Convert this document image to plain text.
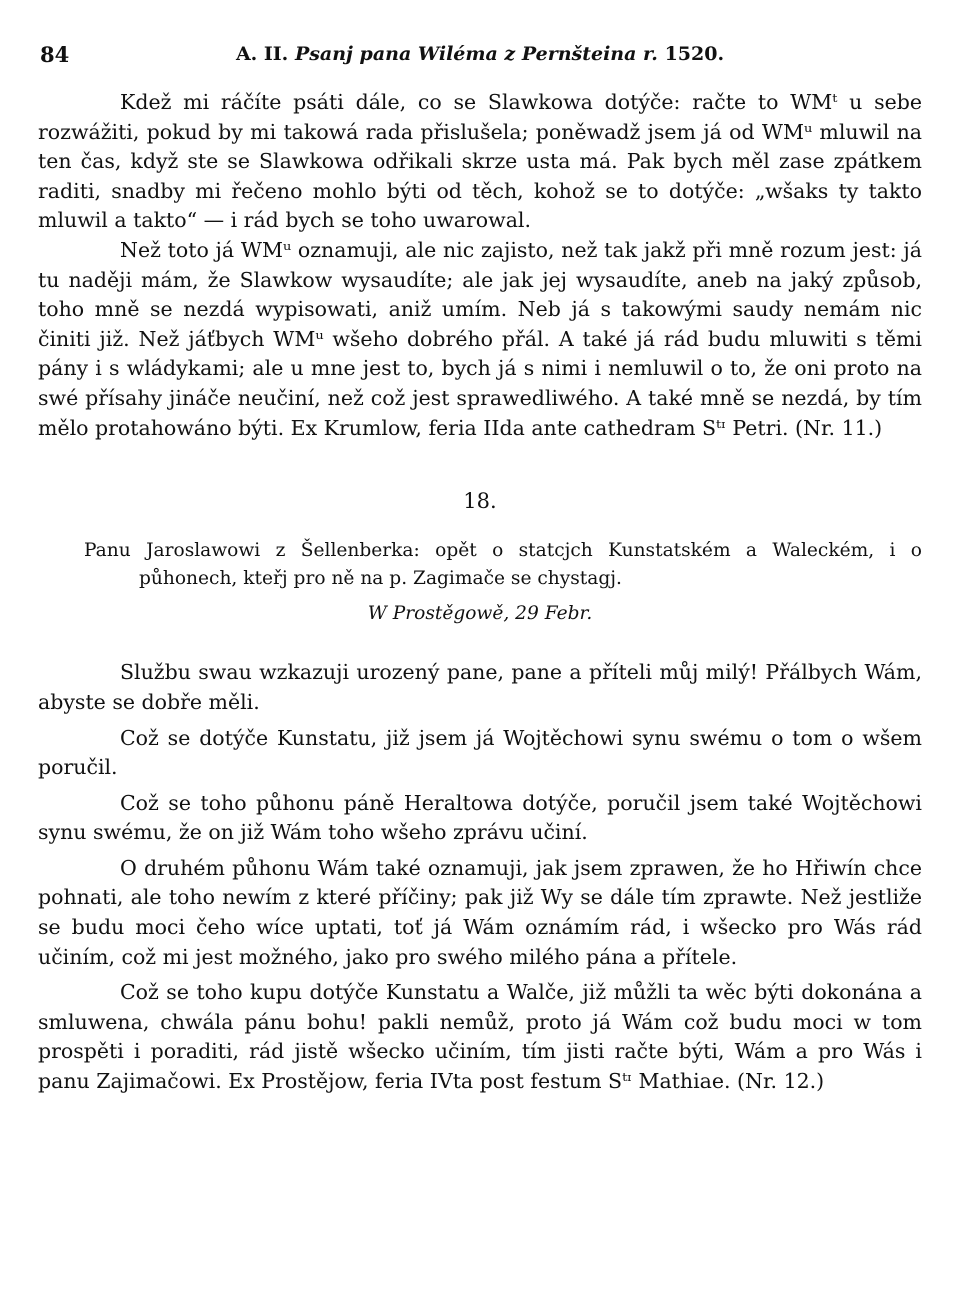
84	A. II. Psanj pana Wiléma z Pernšteina r. 1520.

Kdež mi ráčíte psáti dále, co se Slawkowa dotýče: račte to WMᵗ u sebe rozwážiti, pokud by mi takowá rada přislušela; poněwadž jsem já od WMᵘ mluwil na ten čas, když ste se Slawkowa odřikali skrze usta má. Pak bych měl zase zpátkem raditi, snadby mi řečeno mohlo býti od těch, kohož se to dotýče: „wšaks ty takto mluwil a takto“ — i rád bych se toho uwarowal.

Než toto já WMᵘ oznamuji, ale nic zajisto, než tak jakž při mně rozum jest: já tu naději mám, že Slawkow wysaudíte; ale jak jej wysaudíte, aneb na jaký způsob, toho mně se nezdá wypisowati, aniž umím. Neb já s takowými saudy nemám nic činiti již. Než jáťbych WMᵘ wšeho dobrého přál. A také já rád budu mluwiti s těmi pány i s wládykami; ale u mne jest to, bych já s nimi i nemluwil o to, že oni proto na swé přísahy jináče neučiní, než což jest sprawedliwého. A také mně se nezdá, by tím mělo protahowáno býti. Ex Krumlow, feria IIda ante cathedram Sᵗᶦ Petri. (Nr. 11.)

18.
Panu Jaroslawowi z Šellenberka: opět o statcjch Kunstatském a Waleckém, i o půhonech, kteřj pro ně na p. Zagimače se chystagj.
W Prostěgowě, 29 Febr.

Službu swau wzkazuji urozený pane, pane a příteli můj milý! Přálbych Wám, abyste se dobře měli.

Což se dotýče Kunstatu, již jsem já Wojtěchowi synu swému o tom o wšem poručil.

Což se toho půhonu páně Heraltowa dotýče, poručil jsem také Wojtěchowi synu swému, že on již Wám toho wšeho zprávu učiní.

O druhém půhonu Wám také oznamuji, jak jsem zprawen, že ho Hřiwín chce pohnati, ale toho newím z které příčiny; pak již Wy se dále tím zprawte. Než jestliže se budu moci čeho wíce uptati, toť já Wám oznámím rád, i wšecko pro Wás rád učiním, což mi jest možného, jako pro swého milého pána a přítele.

Což se toho kupu dotýče Kunstatu a Walče, již můžli ta wěc býti dokonána a smluwena, chwála pánu bohu! pakli nemůž, proto já Wám což budu moci w tom prospěti i poraditi, rád jistě wšecko učiním, tím jisti račte býti, Wám a pro Wás i panu Zajimačowi. Ex Prostějow, feria IVta post festum Sᵗᶦ Mathiae. (Nr. 12.)
